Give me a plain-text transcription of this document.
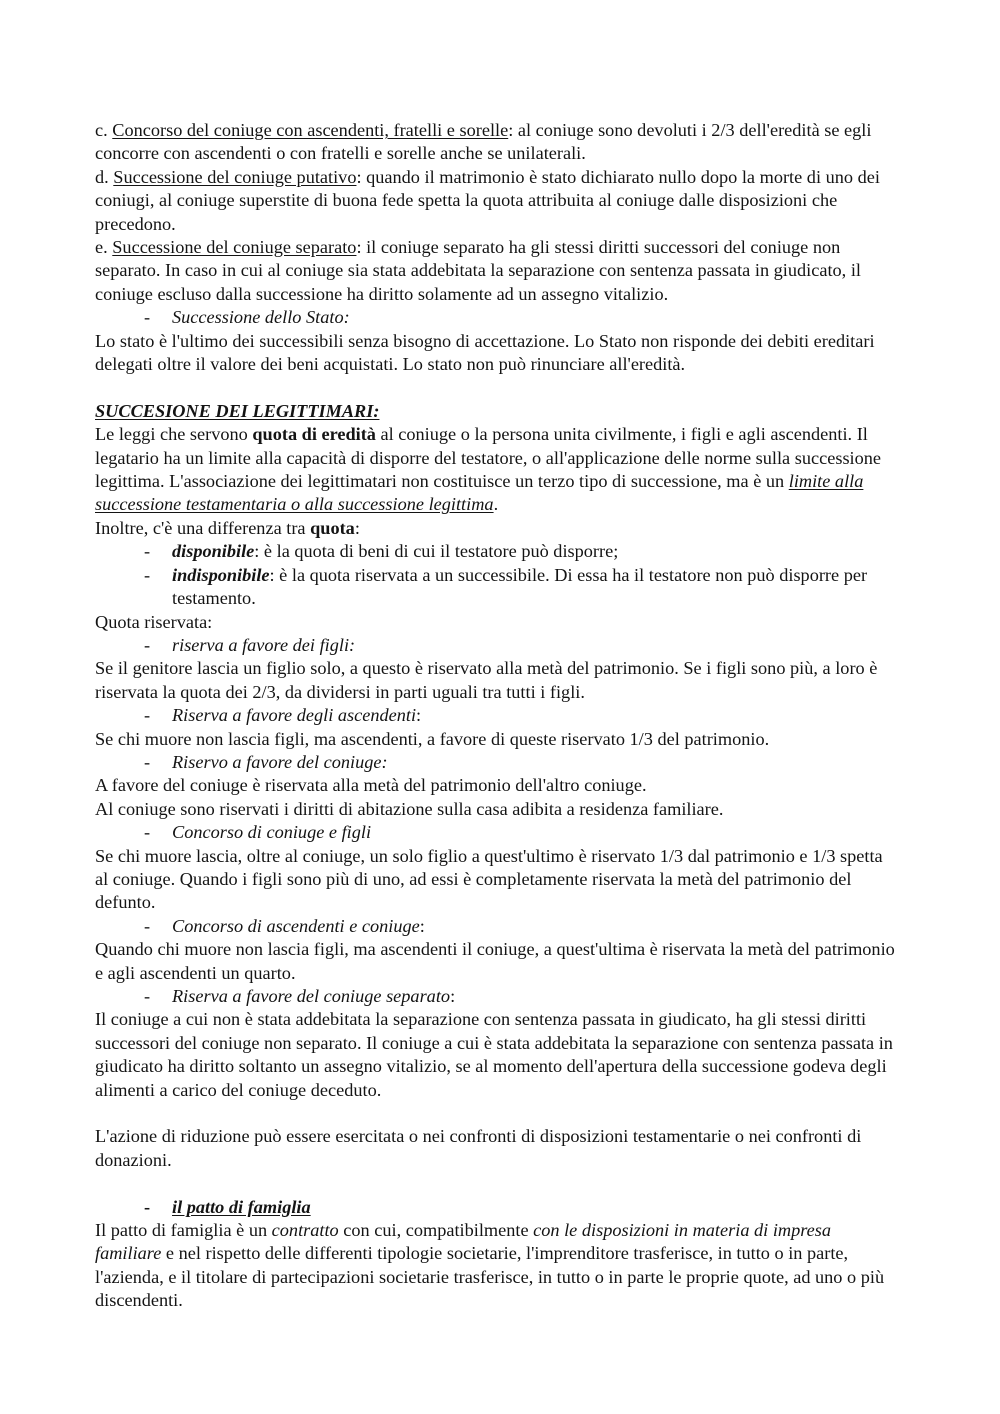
c. Concorso del coniuge con ascendenti, fratelli e sorelle: al coniuge sono devoluti i 2/3 dell'eredità se egli concorre con ascendenti o con fratelli e sorelle anche se unilaterali.

d. Successione del coniuge putativo: quando il matrimonio è stato dichiarato nullo dopo la morte di uno dei coniugi, al coniuge superstite di buona fede spetta la quota attribuita al coniuge dalle disposizioni che precedono.

e. Successione del coniuge separato: il coniuge separato ha gli stessi diritti successori del coniuge non separato. In caso in cui al coniuge sia stata addebitata la separazione con sentenza passata in giudicato, il coniuge escluso dalla successione ha diritto solamente ad un assegno vitalizio.

-	Successione dello Stato:

Lo stato è l'ultimo dei successibili senza bisogno di accettazione. Lo Stato non risponde dei debiti ereditari delegati oltre il valore dei beni acquistati. Lo stato non può rinunciare all'eredità.

SUCCESIONE DEI LEGITTIMARI:

Le leggi che servono quota di eredità al coniuge o la persona unita civilmente, i figli e agli ascendenti. Il legatario ha un limite alla capacità di disporre del testatore, o all'applicazione delle norme sulla successione legittima. L'associazione dei legittimatari non costituisce un terzo tipo di successione, ma è un limite alla successione testamentaria o alla successione legittima.

Inoltre, c'è una differenza tra quota:

-	disponibile: è la quota di beni di cui il testatore può disporre;
-	indisponibile: è la quota riservata a un successibile. Di essa ha il testatore non può disporre per testamento.

Quota riservata:

-	riserva a favore dei figli:

Se il genitore lascia un figlio solo, a questo è riservato alla metà del patrimonio. Se i figli sono più, a loro è riservata la quota dei 2/3, da dividersi in parti uguali tra tutti i figli.

-	Riserva a favore degli ascendenti:

Se chi muore non lascia figli, ma ascendenti, a favore di queste riservato 1/3 del patrimonio.

-	Riservo a favore del coniuge:

A favore del coniuge è riservata alla metà del patrimonio dell'altro coniuge.

Al coniuge sono riservati i diritti di abitazione sulla casa adibita a residenza familiare.

-	Concorso di coniuge e figli

Se chi muore lascia, oltre al coniuge, un solo figlio a quest'ultimo è riservato 1/3 dal patrimonio e 1/3 spetta al coniuge. Quando i figli sono più di uno, ad essi è completamente riservata la metà del patrimonio del defunto.

-	Concorso di ascendenti e coniuge:

Quando chi muore non lascia figli, ma ascendenti il coniuge, a quest'ultima è riservata la metà del patrimonio e agli ascendenti un quarto.

-	Riserva a favore del coniuge separato:

Il coniuge a cui non è stata addebitata la separazione con sentenza passata in giudicato, ha gli stessi diritti successori del coniuge non separato. Il coniuge a cui è stata addebitata la separazione con sentenza passata in giudicato ha diritto soltanto un assegno vitalizio, se al momento dell'apertura della successione godeva degli alimenti a carico del coniuge deceduto.

L'azione di riduzione può essere esercitata o nei confronti di disposizioni testamentarie o nei confronti di donazioni.

-	il patto di famiglia

Il patto di famiglia è un contratto con cui, compatibilmente con le disposizioni in materia di impresa familiare e nel rispetto delle differenti tipologie societarie, l'imprenditore trasferisce, in tutto o in parte, l'azienda, e il titolare di partecipazioni societarie trasferisce, in tutto o in parte le proprie quote, ad uno o più discendenti.
